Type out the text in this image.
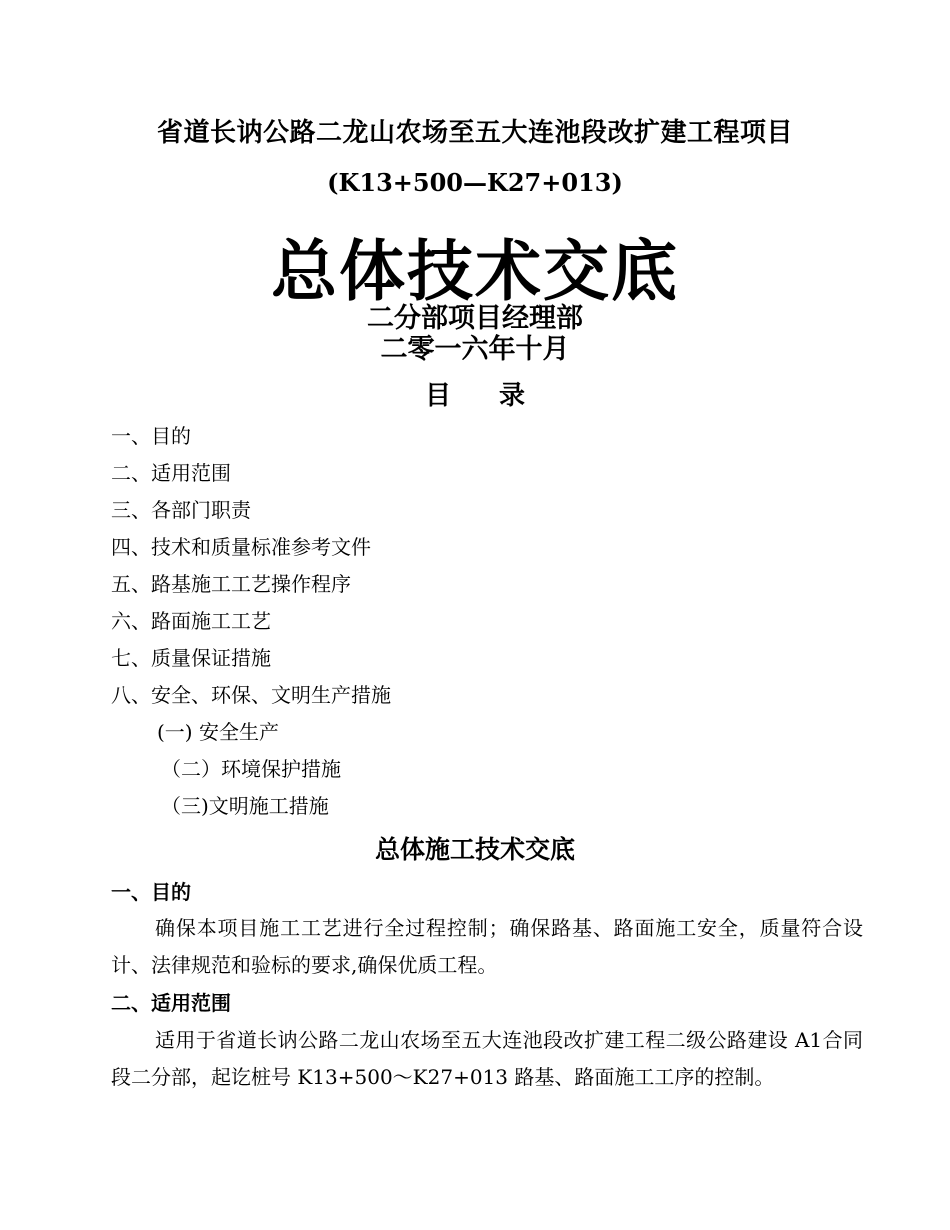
省道长讷公路二龙山农场至五大连池段改扩建工程项目
(K13+500—K27+013)
总体技术交底
二分部项目经理部
二零一六年十月
目 录
一、目的
二、适用范围
三、各部门职责
四、技术和质量标准参考文件
五、路基施工工艺操作程序
六、路面施工工艺
七、质量保证措施
八、安全、环保、文明生产措施
(一) 安全生产
（二）环境保护措施
（三)文明施工措施
总体施工技术交底
一、目的
确保本项目施工工艺进行全过程控制；确保路基、路面施工安全，质量符合设计、法律规范和验标的要求,确保优质工程。
二、适用范围
适用于省道长讷公路二龙山农场至五大连池段改扩建工程二级公路建设 A1合同段二分部，起讫桩号 K13+500～K27+013 路基、路面施工工序的控制。
